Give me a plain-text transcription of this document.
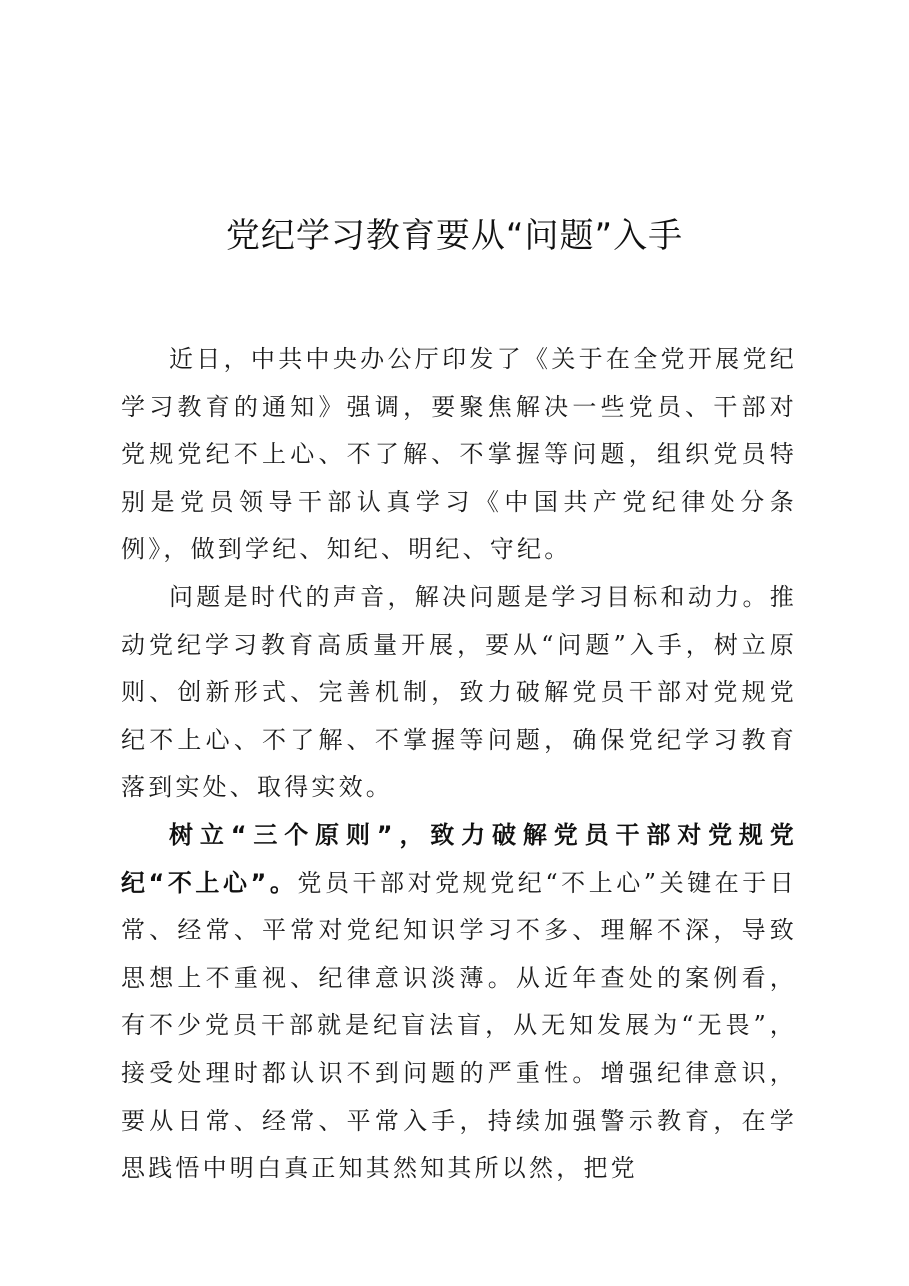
党纪学习教育要从“问题”入手

近日，中共中央办公厅印发了《关于在全党开展党纪学习教育的通知》强调，要聚焦解决一些党员、干部对党规党纪不上心、不了解、不掌握等问题，组织党员特别是党员领导干部认真学习《中国共产党纪律处分条例》，做到学纪、知纪、明纪、守纪。

问题是时代的声音，解决问题是学习目标和动力。推动党纪学习教育高质量开展，要从“问题”入手，树立原则、创新形式、完善机制，致力破解党员干部对党规党纪不上心、不了解、不掌握等问题，确保党纪学习教育落到实处、取得实效。

树立“三个原则”，致力破解党员干部对党规党纪“不上心”。党员干部对党规党纪“不上心”关键在于日常、经常、平常对党纪知识学习不多、理解不深，导致思想上不重视、纪律意识淡薄。从近年查处的案例看，有不少党员干部就是纪盲法盲，从无知发展为“无畏”，接受处理时都认识不到问题的严重性。增强纪律意识，要从日常、经常、平常入手，持续加强警示教育，在学思践悟中明白真正知其然知其所以然，把党
